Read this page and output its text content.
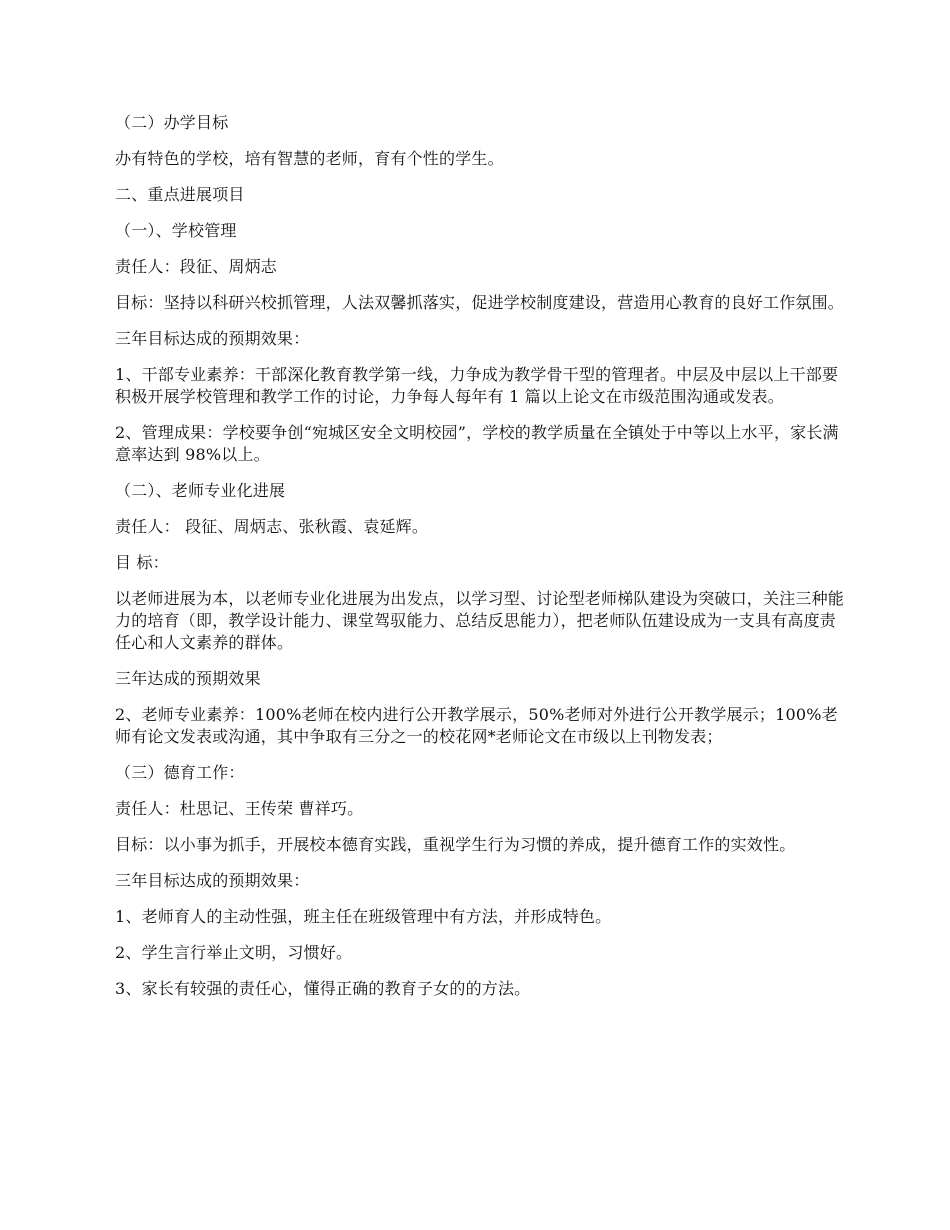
（二）办学目标

办有特色的学校，培有智慧的老师，育有个性的学生。

二、重点进展项目

（一）、学校管理

责任人：段征、周炳志

目标：坚持以科研兴校抓管理，人法双馨抓落实，促进学校制度建设，营造用心教育的良好工作氛围。

三年目标达成的预期效果：

1、干部专业素养：干部深化教育教学第一线，力争成为教学骨干型的管理者。中层及中层以上干部要积极开展学校管理和教学工作的讨论，力争每人每年有 1 篇以上论文在市级范围沟通或发表。

2、管理成果：学校要争创“宛城区安全文明校园”，学校的教学质量在全镇处于中等以上水平，家长满意率达到 98%以上。

（二）、老师专业化进展

责任人： 段征、周炳志、张秋霞、袁延辉。

目 标：

以老师进展为本，以老师专业化进展为出发点，以学习型、讨论型老师梯队建设为突破口，关注三种能力的培育（即，教学设计能力、课堂驾驭能力、总结反思能力），把老师队伍建设成为一支具有高度责任心和人文素养的群体。

三年达成的预期效果

2、老师专业素养：100%老师在校内进行公开教学展示，50%老师对外进行公开教学展示；100%老师有论文发表或沟通，其中争取有三分之一的校花网*老师论文在市级以上刊物发表；

（三）德育工作：

责任人：杜思记、王传荣 曹祥巧。

目标：以小事为抓手，开展校本德育实践，重视学生行为习惯的养成，提升德育工作的实效性。

三年目标达成的预期效果：

1、老师育人的主动性强，班主任在班级管理中有方法，并形成特色。

2、学生言行举止文明，习惯好。

3、家长有较强的责任心，懂得正确的教育子女的的方法。
